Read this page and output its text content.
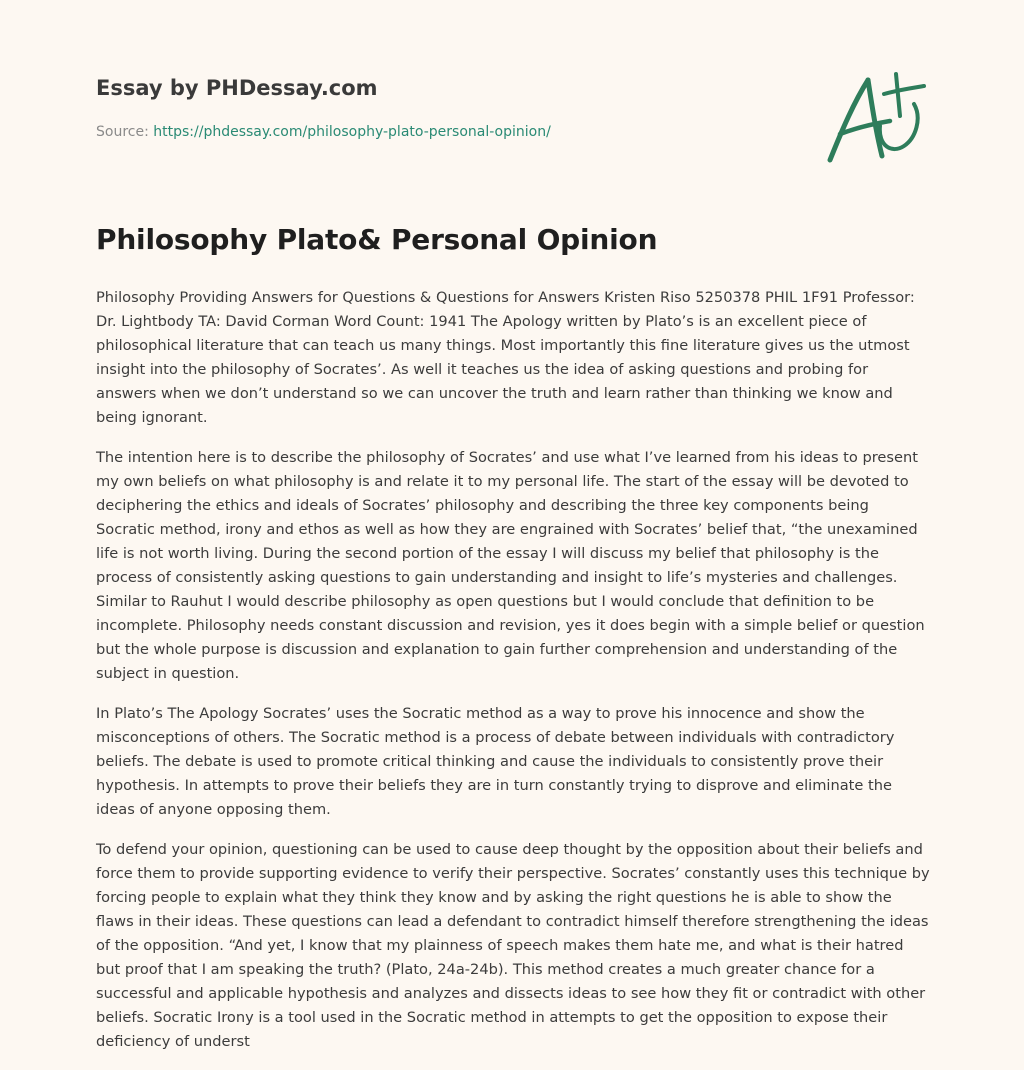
Essay by PHDessay.com
Source: https://phdessay.com/philosophy-plato-personal-opinion/
Philosophy Plato& Personal Opinion

Philosophy Providing Answers for Questions & Questions for Answers Kristen Riso 5250378 PHIL 1F91 Professor: Dr. Lightbody TA: David Corman Word Count: 1941 The Apology written by Plato’s is an excellent piece of philosophical literature that can teach us many things. Most importantly this fine literature gives us the utmost insight into the philosophy of Socrates’. As well it teaches us the idea of asking questions and probing for answers when we don’t understand so we can uncover the truth and learn rather than thinking we know and being ignorant.

The intention here is to describe the philosophy of Socrates’ and use what I’ve learned from his ideas to present my own beliefs on what philosophy is and relate it to my personal life. The start of the essay will be devoted to deciphering the ethics and ideals of Socrates’ philosophy and describing the three key components being Socratic method, irony and ethos as well as how they are engrained with Socrates’ belief that, “the unexamined life is not worth living. During the second portion of the essay I will discuss my belief that philosophy is the process of consistently asking questions to gain understanding and insight to life’s mysteries and challenges. Similar to Rauhut I would describe philosophy as open questions but I would conclude that definition to be incomplete. Philosophy needs constant discussion and revision, yes it does begin with a simple belief or question but the whole purpose is discussion and explanation to gain further comprehension and understanding of the subject in question.

In Plato’s The Apology Socrates’ uses the Socratic method as a way to prove his innocence and show the misconceptions of others. The Socratic method is a process of debate between individuals with contradictory beliefs. The debate is used to promote critical thinking and cause the individuals to consistently prove their hypothesis. In attempts to prove their beliefs they are in turn constantly trying to disprove and eliminate the ideas of anyone opposing them.

To defend your opinion, questioning can be used to cause deep thought by the opposition about their beliefs and force them to provide supporting evidence to verify their perspective. Socrates’ constantly uses this technique by forcing people to explain what they think they know and by asking the right questions he is able to show the flaws in their ideas. These questions can lead a defendant to contradict himself therefore strengthening the ideas of the opposition. “And yet, I know that my plainness of speech makes them hate me, and what is their hatred but proof that I am speaking the truth? (Plato, 24a-24b). This method creates a much greater chance for a successful and applicable hypothesis and analyzes and dissects ideas to see how they fit or contradict with other beliefs. Socratic Irony is a tool used in the Socratic method in attempts to get the opposition to expose their deficiency of underst
